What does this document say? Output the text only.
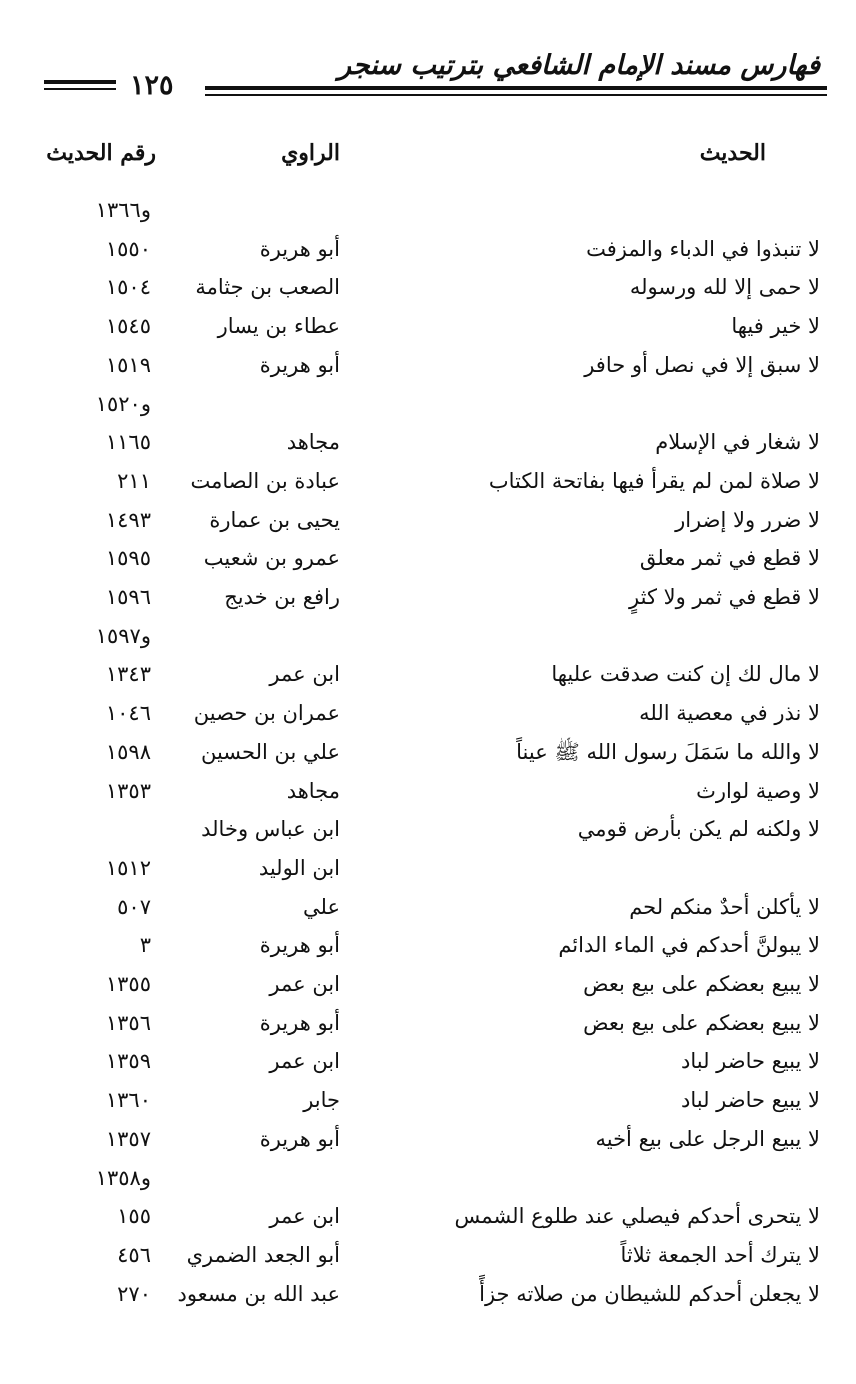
فهارس مسند الإمام الشافعي بترتيب سنجر
١٢٥
الحديث
الراوي
رقم الحديث
و١٣٦٦
لا تنبذوا في الدباء والمزفت
أبو هريرة
١٥٥٠
لا حمى إلا لله ورسوله
الصعب بن جثامة
١٥٠٤
لا خير فيها
عطاء بن يسار
١٥٤٥
لا سبق إلا في نصل أو حافر
أبو هريرة
١٥١٩
و١٥٢٠
لا شغار في الإسلام
مجاهد
١١٦٥
لا صلاة لمن لم يقرأ فيها بفاتحة الكتاب
عبادة بن الصامت
٢١١
لا ضرر ولا إضرار
يحيى بن عمارة
١٤٩٣
لا قطع في ثمر معلق
عمرو بن شعيب
١٥٩٥
لا قطع في ثمر ولا كثرٍ
رافع بن خديج
١٥٩٦
و١٥٩٧
لا مال لك إن كنت صدقت عليها
ابن عمر
١٣٤٣
لا نذر في معصية الله
عمران بن حصين
١٠٤٦
لا والله ما سَمَلَ رسول الله ﷺ عيناً
علي بن الحسين
١٥٩٨
لا وصية لوارث
مجاهد
١٣٥٣
لا ولكنه لم يكن بأرض قومي
ابن عباس وخالد
ابن الوليد
١٥١٢
لا يأكلن أحدٌ منكم لحم
علي
٥٠٧
لا يبولنَّ أحدكم في الماء الدائم
أبو هريرة
٣
لا يبيع بعضكم على بيع بعض
ابن عمر
١٣٥٥
لا يبيع بعضكم على بيع بعض
أبو هريرة
١٣٥٦
لا يبيع حاضر لباد
ابن عمر
١٣٥٩
لا يبيع حاضر لباد
جابر
١٣٦٠
لا يبيع الرجل على بيع أخيه
أبو هريرة
١٣٥٧
و١٣٥٨
لا يتحرى أحدكم فيصلي عند طلوع الشمس
ابن عمر
١٥٥
لا يترك أحد الجمعة ثلاثاً
أبو الجعد الضمري
٤٥٦
لا يجعلن أحدكم للشيطان من صلاته جزأً
عبد الله بن مسعود
٢٧٠
